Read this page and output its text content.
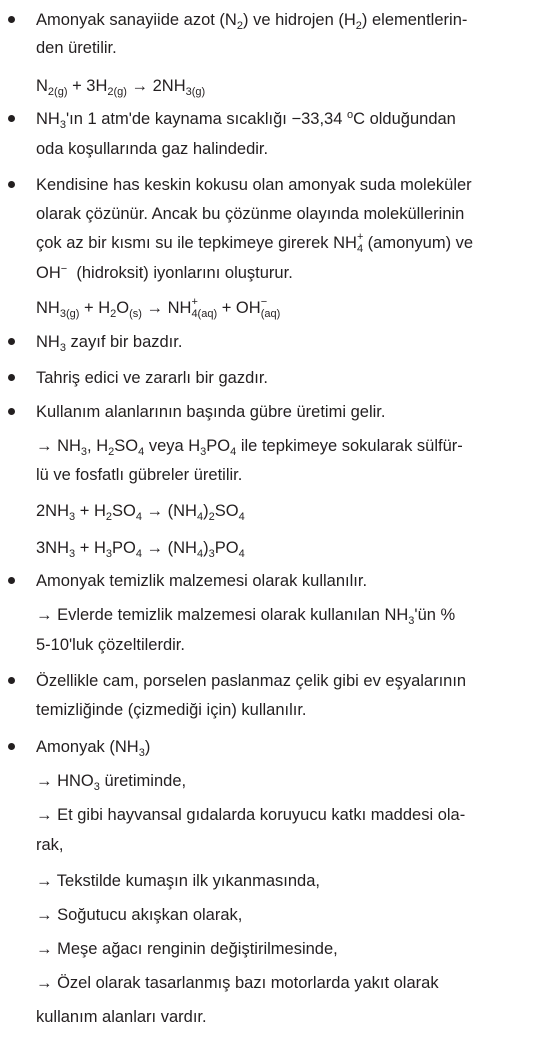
Amonyak sanayiide azot $(N_2)$ ve hidrojen $(H_2)$ elementlerin-
den üretilir.
$N_{2(g)} + 3H_{2(g)} \to 2NH_{3(g)}$
$NH_3'ın$ 1 atm'de kaynama sıcaklığı −33,34 $^o$C olduğundan
oda koşullarında gaz halindedir.
Kendisine has keskin kokusu olan amonyak suda moleküler
olarak çözünür. Ancak bu çözünme olayında moleküllerinin
çok az bir kısmı su ile tepkimeye girerek NH +
$_4$ (amonyum) ve
OH−  (hidroksit) iyonlarını oluşturur.
$NH_{3(g)} + H_2O_{(s)}$ → NH +
$_{4(aq)}$ + OH −
$_{(aq)}$
$NH_3$ zayıf bir bazdır.
Tahriş edici ve zararlı bir gazdır.
Kullanım alanlarının başında gübre üretimi gelir.
→ $NH_3$, $H_2SO_4$ veya $H_3PO_4$ ile tepkimeye sokularak sülfür-
lü ve fosfatlı gübreler üretilir.
$2NH_3 + H_2SO_4 \to (NH_4)_2SO_4$
$3NH_3 + H_3PO_4 \to (NH_4)_3PO_4$
Amonyak temizlik malzemesi olarak kullanılır.
→ Evlerde temizlik malzemesi olarak kullanılan $NH_3'ün$ %
5-10'luk çözeltilerdir.
Özellikle cam, porselen paslanmaz çelik gibi ev eşyalarının
temizliğinde (çizmediği için) kullanılır.
Amonyak $(NH_3)$
→ $HNO_3$ üretiminde,
→ Et gibi hayvansal gıdalarda koruyucu katkı maddesi ola-
rak,
→ Tekstilde kumaşın ilk yıkanmasında,
→ Soğutucu akışkan olarak,
→ Meşe ağacı renginin değiştirilmesinde,
→ Özel olarak tasarlanmış bazı motorlarda yakıt olarak
kullanım alanları vardır.
